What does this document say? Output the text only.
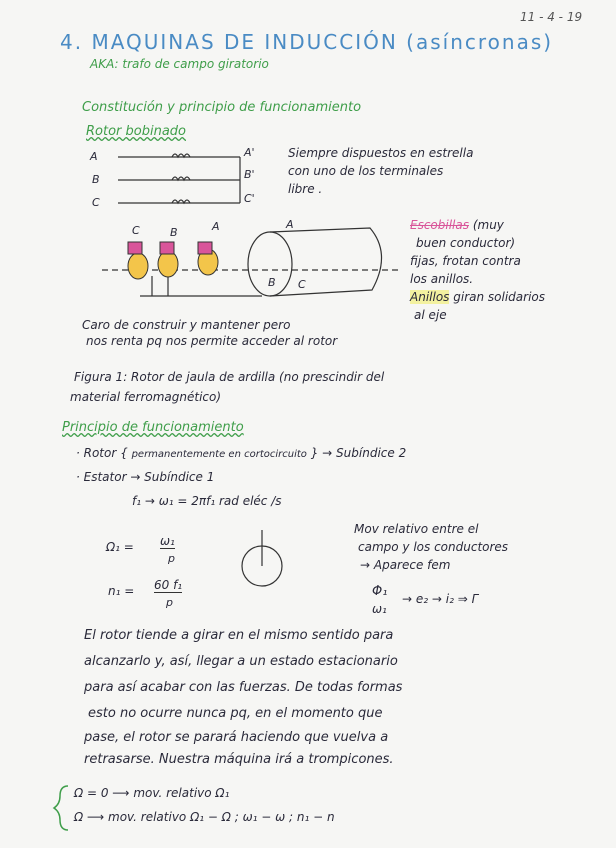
11 - 4 - 19
4. MAQUINAS DE INDUCCIÓN (asíncronas)
AKA: trafo de campo giratorio
Constitución y principio de funcionamiento
Rotor bobinado
A
B
C
A'
B'
C'
Siempre dispuestos en estrella
con uno de los terminales
libre .
C	B	A	A
B C
Escobillas (muy
buen conductor)
fijas, frotan contra
los anillos.
Anillos giran solidarios
al eje
Caro de construir y mantener pero
nos renta pq nos permite acceder al rotor
Figura 1: Rotor de jaula de ardilla (no prescindir del
material ferromagnético)
Principio de funcionamiento
· Rotor { permanentemente en cortocircuito } → Subíndice 2
· Estator → Subíndice 1
f₁ → ω₁ = 2πf₁ rad eléc /s
Ω₁ = ω₁
p
n₁ = 60 f₁
p
Mov relativo entre el
campo y los conductores
→ Aparece fem
Φ₁
ω₁
→ e₂ → i₂ ⇒ Γ
El rotor tiende a girar en el mismo sentido para
alcanzarlo y, así, llegar a un estado estacionario
para así acabar con las fuerzas. De todas formas
esto no ocurre nunca pq, en el momento que
pase, el rotor se parará haciendo que vuelva a
retrasarse. Nuestra máquina irá a trompicones.
Ω = 0 ⟶ mov. relativo Ω₁
Ω ⟶ mov. relativo Ω₁ − Ω ; ω₁ − ω ; n₁ − n
